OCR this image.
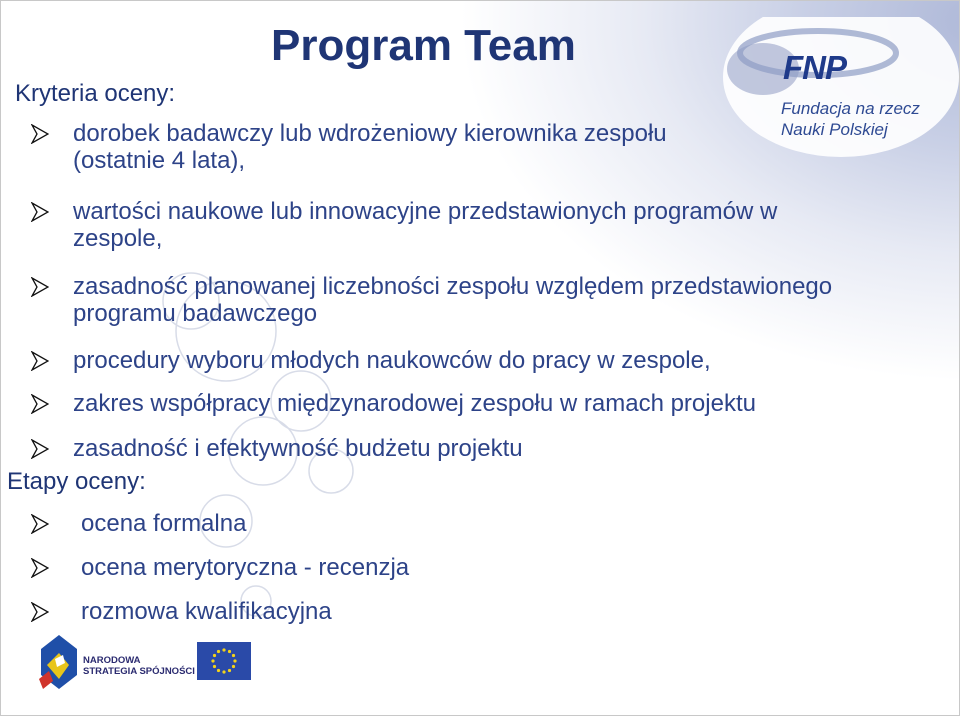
Program Team	FNP
Fundacja na rzecz
Nauki Polskiej
Kryteria oceny:
dorobek badawczy lub wdrożeniowy kierownika zespołu
(ostatnie 4 lata),
wartości naukowe lub innowacyjne przedstawionych programów w
zespole,
zasadność planowanej liczebności zespołu względem przedstawionego
programu badawczego
procedury wyboru młodych naukowców do pracy w zespole,
zakres współpracy międzynarodowej zespołu w ramach projektu
zasadność i efektywność budżetu projektu
Etapy oceny:
ocena formalna
ocena merytoryczna - recenzja
rozmowa kwalifikacyjna
NARODOWA
STRATEGIA SPÓJNOŚCI
